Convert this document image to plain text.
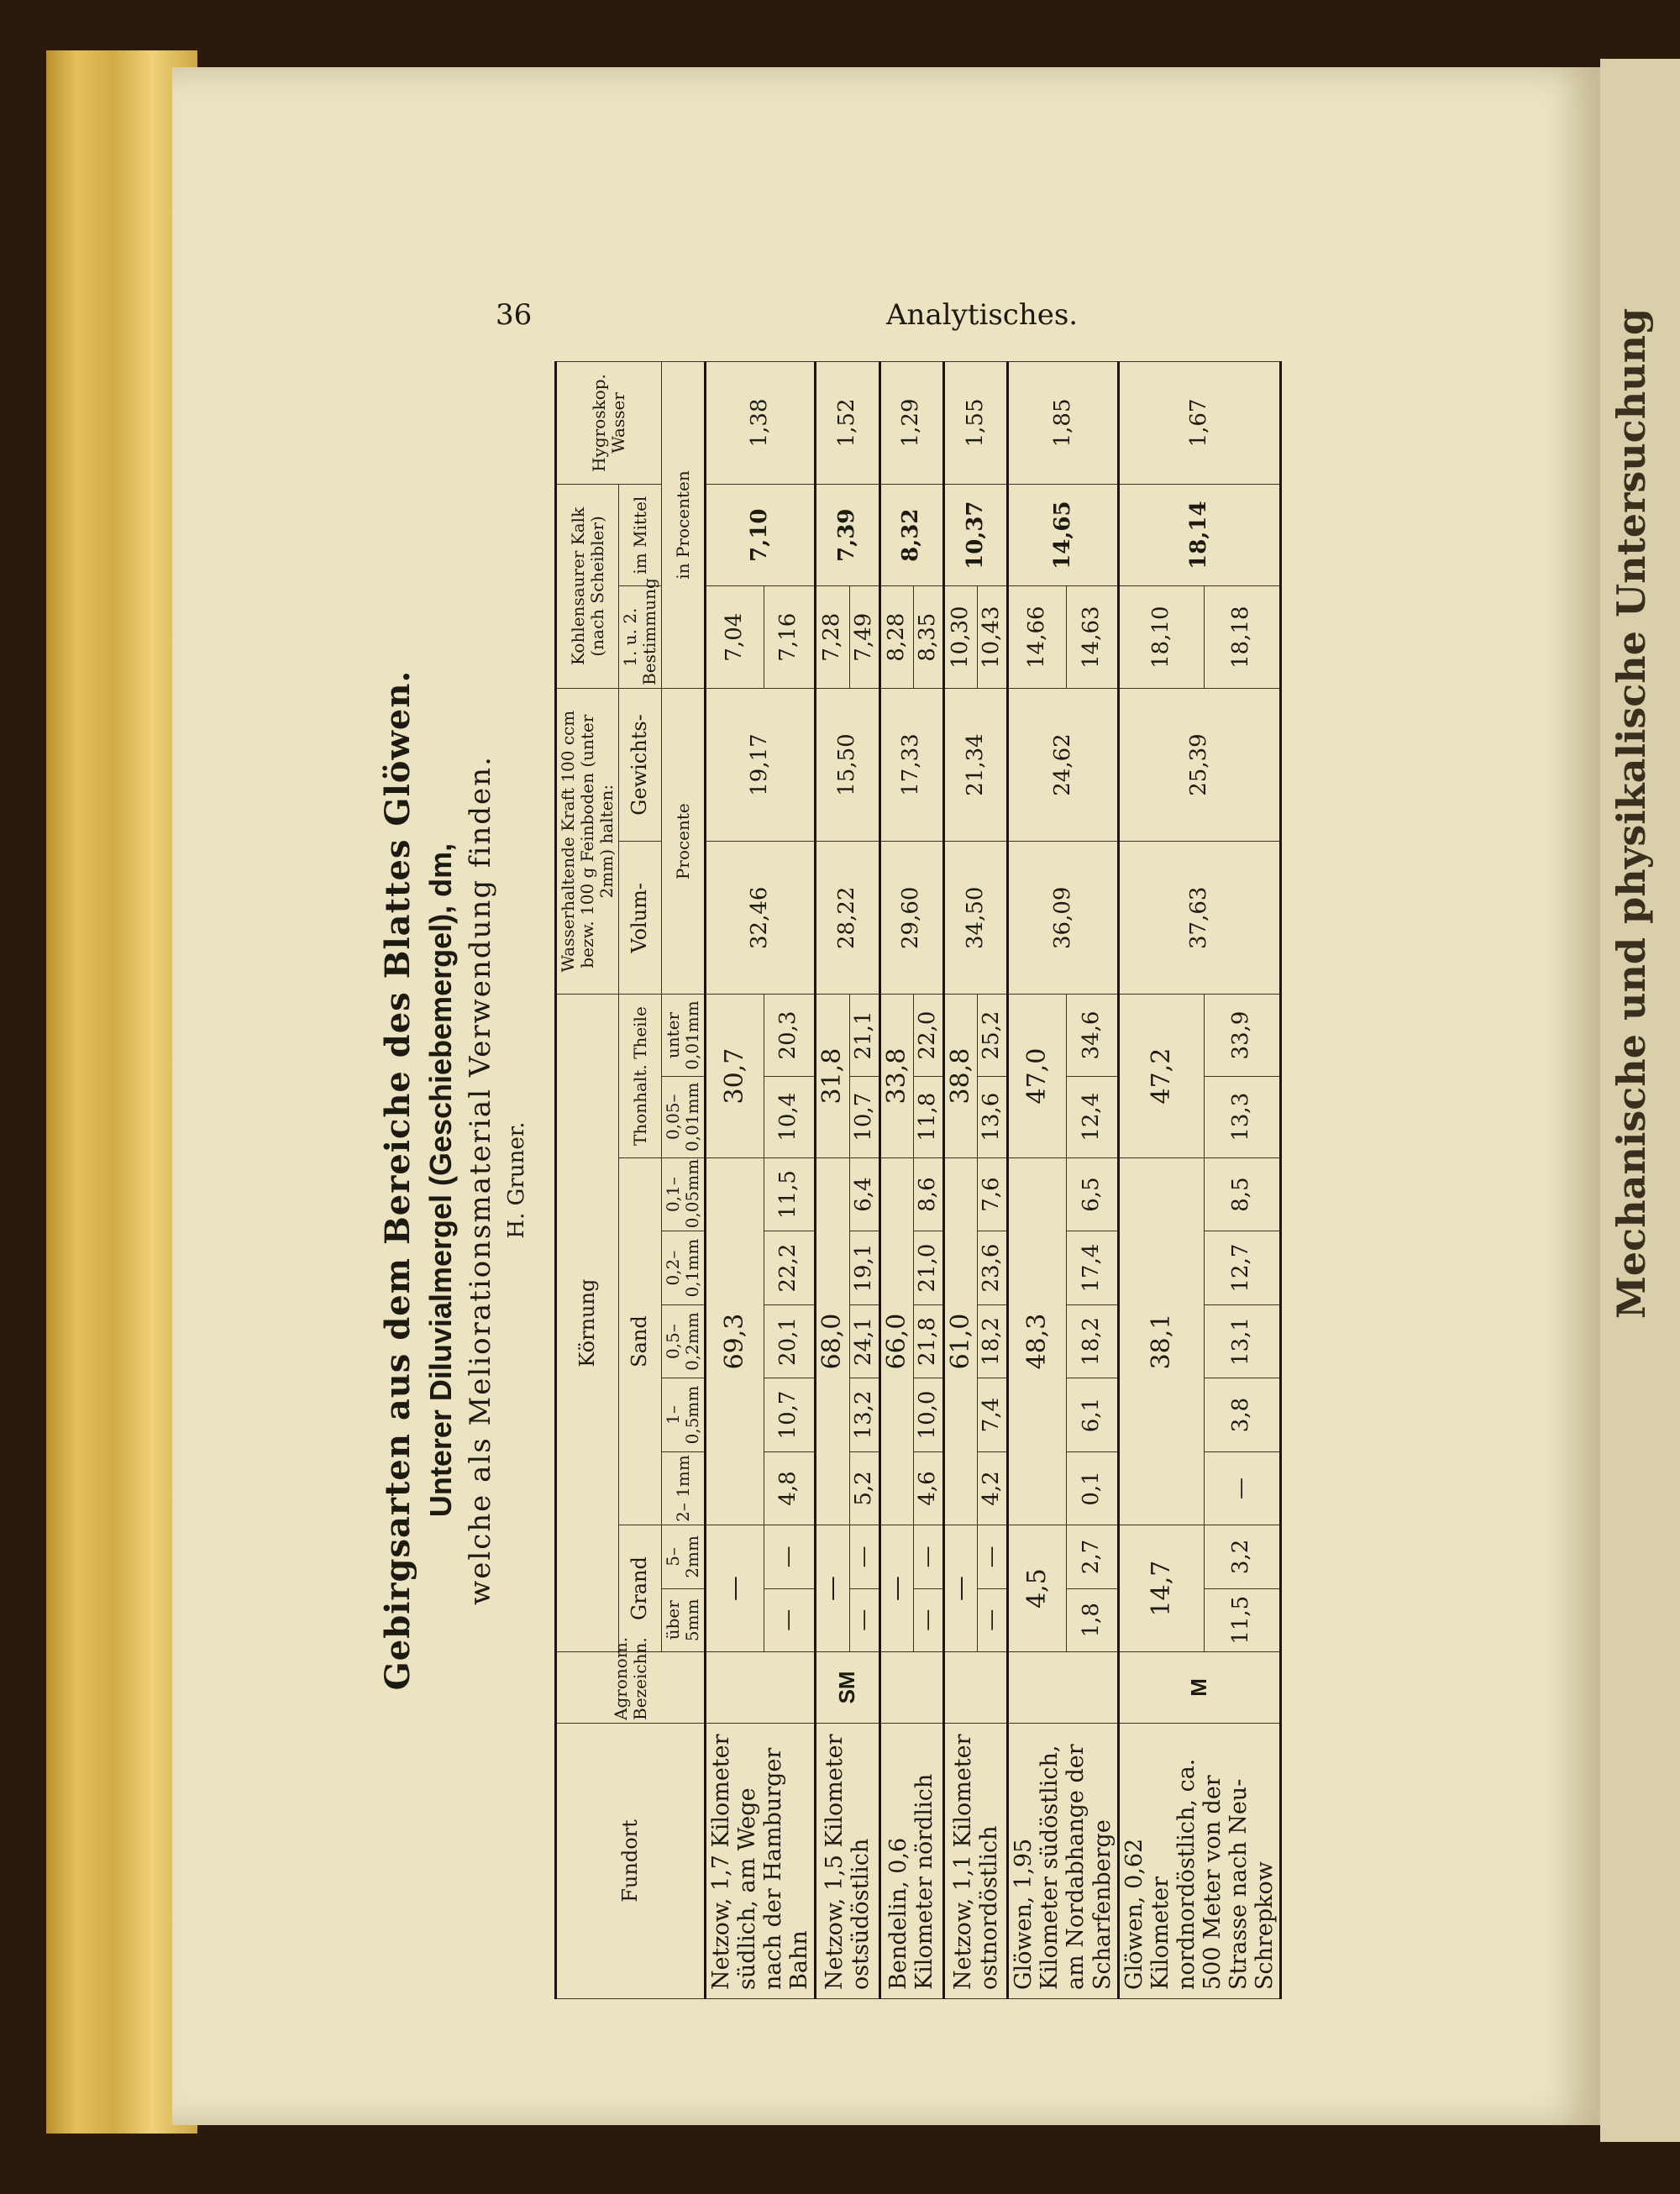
Mechanische und physikalische Untersuchung
36	Analytisches.
Gebirgsarten aus dem Bereiche des Blattes Glöwen. Unterer Diluvialmergel (Geschiebemergel), dm, welche als Meliorationsmaterial Verwendung finden. H. Gruner.
Fundort	Agronom. Bezeichn.	Körnung									Wasserhaltende Kraft 100 ccm bezw. 100 g Feinboden (unter 2mm) halten:		Kohlensaurer Kalk (nach Scheibler)		Hygroskop. Wasser
		Grand		Sand					Thonhalt. Theile		Volum-	Gewichts-	1. u. 2. Bestimmung	im Mittel	
		über 5mm	5– 2mm	2– 1mm	1– 0,5mm	0,5– 0,2mm	0,2– 0,1mm	0,1– 0,05mm	0,05– 0,01mm	unter 0,01mm	Procente		in Procenten		
Netzow, 1,7 Kilometer südlich, am Wege nach der Hamburger Bahn		—		69,3					30,7		32,46	19,17	7,04	7,10	1,38
		—	—	4,8	10,7	20,1	22,2	11,5	10,4	20,3			7,16		
Netzow, 1,5 Kilometer ostsüdöstlich	SM	—		68,0					31,8		28,22	15,50	7,28	7,39	1,52
		—	—	5,2	13,2	24,1	19,1	6,4	10,7	21,1			7,49		
Bendelin, 0,6 Kilometer nördlich		—		66,0					33,8		29,60	17,33	8,28	8,32	1,29
		—	—	4,6	10,0	21,8	21,0	8,6	11,8	22,0			8,35		
Netzow, 1,1 Kilometer ostnordöstlich		—		61,0					38,8		34,50	21,34	10,30	10,37	1,55
		—	—	4,2	7,4	18,2	23,6	7,6	13,6	25,2			10,43		
Glöwen, 1,95 Kilometer südöstlich, am Nordabhange der Scharfenberge		4,5		48,3					47,0		36,09	24,62	14,66	14,65	1,85
		1,8	2,7	0,1	6,1	18,2	17,4	6,5	12,4	34,6			14,63		
Glöwen, 0,62 Kilometer nordnordöstlich, ca. 500 Meter von der Strasse nach Neu-Schrepkow	M	14,7		38,1					47,2		37,63	25,39	18,10	18,14	1,67
		11,5	3,2	—	3,8	13,1	12,7	8,5	13,3	33,9			18,18		
